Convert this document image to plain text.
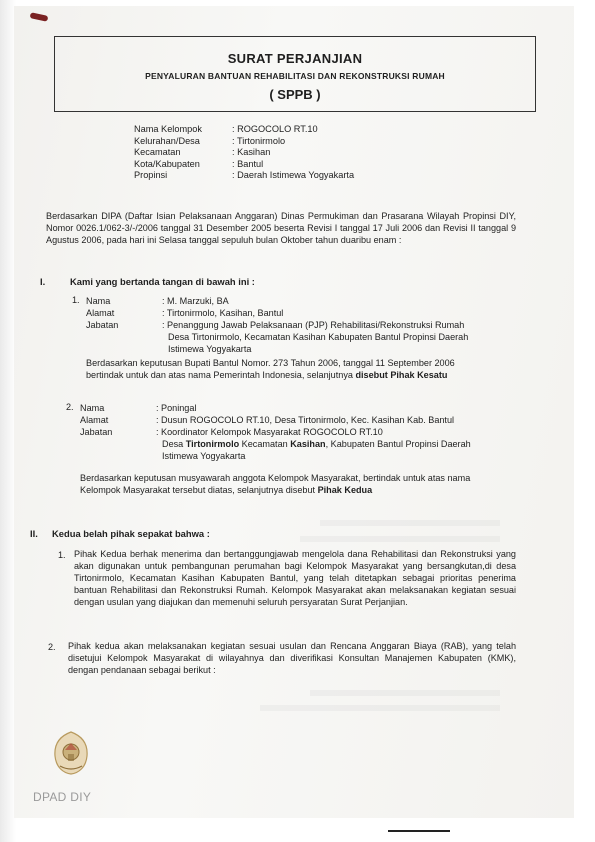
SURAT PERJANJIAN
PENYALURAN BANTUAN REHABILITASI DAN REKONSTRUKSI RUMAH
( SPPB )
Nama Kelompok	: ROGOCOLO RT.10
Kelurahan/Desa	: Tirtonirmolo
Kecamatan	: Kasihan
Kota/Kabupaten	: Bantul
Propinsi	: Daerah Istimewa Yogyakarta
Berdasarkan DIPA (Daftar Isian Pelaksanaan Anggaran) Dinas Permukiman dan Prasarana Wilayah Propinsi DIY, Nomor 0026.1/062-3/-/2006 tanggal 31 Desember 2005 beserta Revisi I tanggal 17 Juli 2006 dan Revisi II tanggal 9 Agustus 2006, pada hari ini Selasa tanggal sepuluh bulan Oktober tahun duaribu enam :
I.	Kami yang bertanda tangan di bawah ini :
1. Nama	: M. Marzuki, BA
Alamat	: Tirtonirmolo, Kasihan, Bantul
Jabatan	: Penanggung Jawab Pelaksanaan (PJP) Rehabilitasi/Rekonstruksi Rumah
Desa Tirtonirmolo, Kecamatan Kasihan Kabupaten Bantul Propinsi Daerah
Istimewa Yogyakarta
Berdasarkan keputusan Bupati Bantul Nomor. 273 Tahun 2006, tanggal 11 September 2006
bertindak untuk dan atas nama Pemerintah Indonesia, selanjutnya disebut Pihak Kesatu
2. Nama	: Poningal
Alamat	: Dusun ROGOCOLO RT.10, Desa Tirtonirmolo, Kec. Kasihan Kab. Bantul
Jabatan	: Koordinator Kelompok Masyarakat ROGOCOLO RT.10
Desa Tirtonirmolo Kecamatan Kasihan, Kabupaten Bantul Propinsi Daerah
Istimewa Yogyakarta
Berdasarkan keputusan musyawarah anggota Kelompok Masyarakat, bertindak untuk atas nama
Kelompok Masyarakat tersebut diatas, selanjutnya disebut Pihak Kedua
II. Kedua belah pihak sepakat bahwa :
1. Pihak Kedua berhak menerima dan bertanggungjawab mengelola dana Rehabilitasi dan Rekonstruksi yang akan digunakan untuk pembangunan perumahan bagi Kelompok Masyarakat yang bersangkutan,di desa Tirtonirmolo, Kecamatan Kasihan Kabupaten Bantul, yang telah ditetapkan sebagai prioritas penerima bantuan Rehabilitasi dan Rekonstruksi Rumah. Kelompok Masyarakat akan melaksanakan kegiatan sesuai dengan usulan yang diajukan dan memenuhi seluruh persyaratan Surat Perjanjian.
2. Pihak kedua akan melaksanakan kegiatan sesuai usulan dan Rencana Anggaran Biaya (RAB), yang telah disetujui Kelompok Masyarakat di wilayahnya dan diverifikasi Konsultan Manajemen Kabupaten (KMK), dengan pendanaan sebagai berikut :
DPAD DIY
